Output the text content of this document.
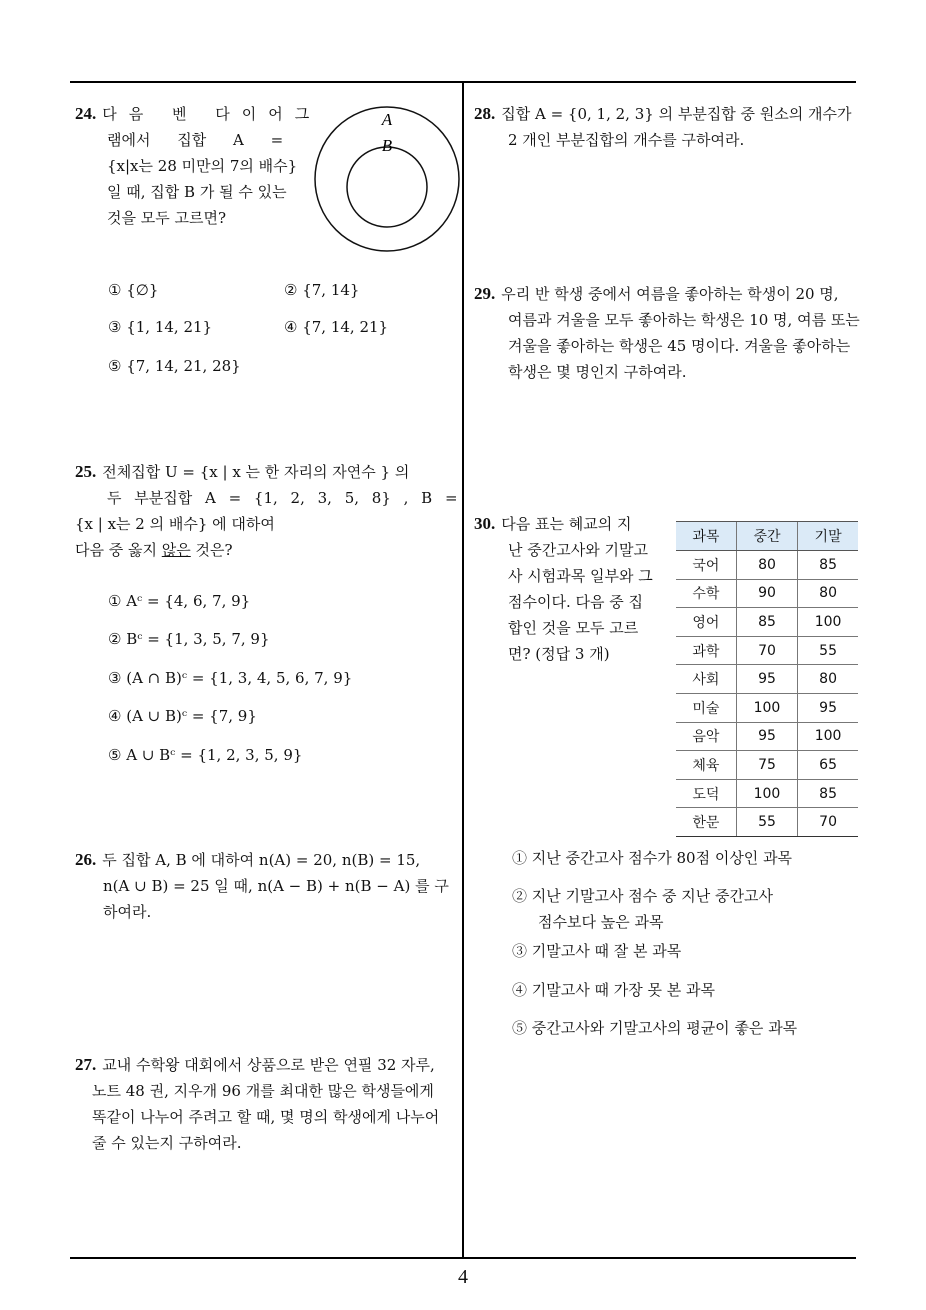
24. 다음 벤 다이어그
램에서 집합 A =
{x|x는 28 미만의 7의 배수}
일 때, 집합 B 가 될 수 있는
것을 모두 고르면?
A
B
① {∅}	② {7, 14}
③ {1, 14, 21}	④ {7, 14, 21}
⑤ {7, 14, 21, 28}
25. 전체집합 U = {x | x 는 한 자리의 자연수 } 의
두 부분집합 A = {1, 2, 3, 5, 8} , B =
{x | x는 2 의 배수} 에 대하여
다음 중 옳지 않은 것은?
① Aᶜ = {4, 6, 7, 9}
② Bᶜ = {1, 3, 5, 7, 9}
③ (A ∩ B)ᶜ = {1, 3, 4, 5, 6, 7, 9}
④ (A ∪ B)ᶜ = {7, 9}
⑤ A ∪ Bᶜ = {1, 2, 3, 5, 9}
26. 두 집합 A, B 에 대하여 n(A) = 20, n(B) = 15,
n(A ∪ B) = 25 일 때, n(A − B) + n(B − A) 를 구
하여라.
27. 교내 수학왕 대회에서 상품으로 받은 연필 32 자루,
노트 48 권, 지우개 96 개를 최대한 많은 학생들에게
똑같이 나누어 주려고 할 때, 몇 명의 학생에게 나누어
줄 수 있는지 구하여라.
28. 집합 A = {0, 1, 2, 3} 의 부분집합 중 원소의 개수가
2 개인 부분집합의 개수를 구하여라.
29. 우리 반 학생 중에서 여름을 좋아하는 학생이 20 명,
여름과 겨울을 모두 좋아하는 학생은 10 명, 여름 또는
겨울을 좋아하는 학생은 45 명이다. 겨울을 좋아하는
학생은 몇 명인지 구하여라.
30. 다음 표는 혜교의 지
난 중간고사와 기말고
사 시험과목 일부와 그
점수이다. 다음 중 집
합인 것을 모두 고르
면? (정답 3 개)
과목	중간	기말
국어	80	85
수학	90	80
영어	85	100
과학	70	55
사회	95	80
미술	100	95
음악	95	100
체육	75	65
도덕	100	85
한문	55	70
① 지난 중간고사 점수가 80점 이상인 과목
② 지난 기말고사 점수 중 지난 중간고사
점수보다 높은 과목
③ 기말고사 때 잘 본 과목
④ 기말고사 때 가장 못 본 과목
⑤ 중간고사와 기말고사의 평균이 좋은 과목
4
